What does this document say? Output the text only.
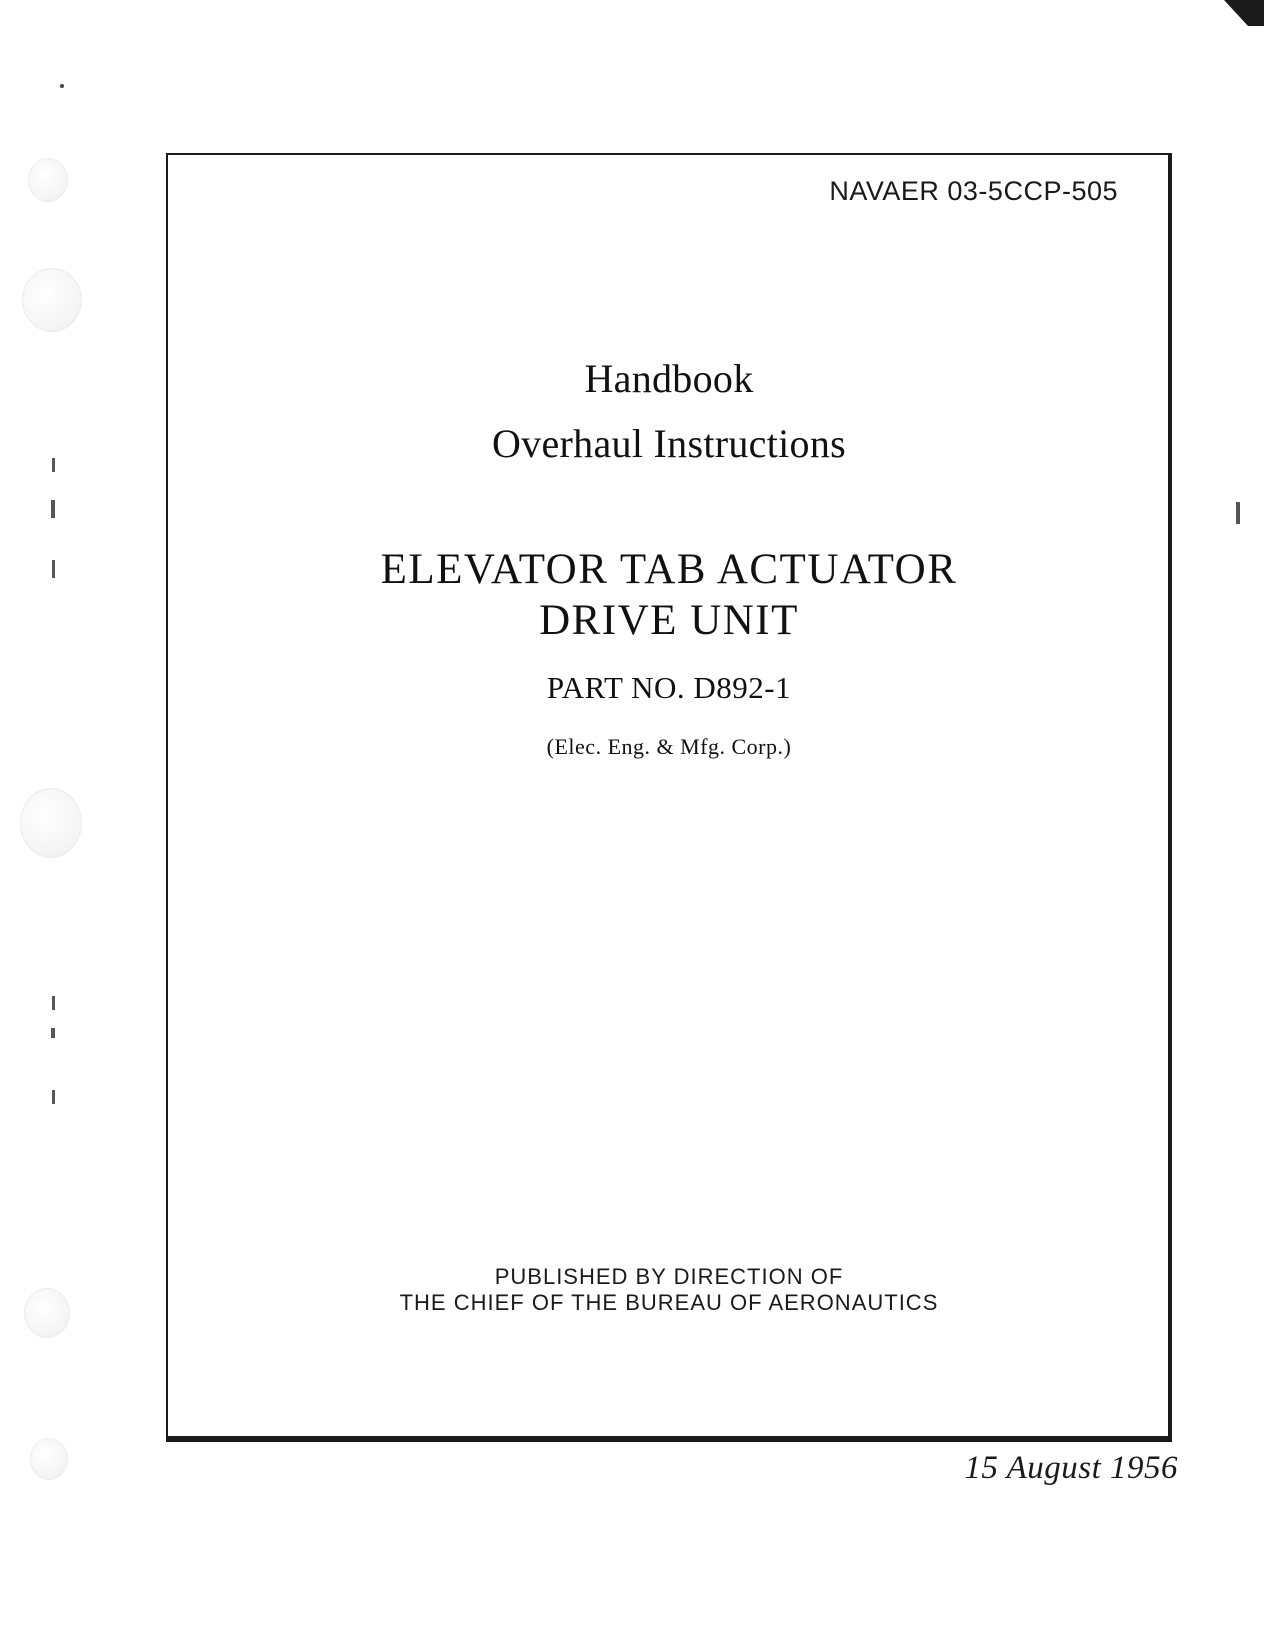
NAVAER 03-5CCP-505
Handbook
Overhaul Instructions
ELEVATOR TAB ACTUATOR
DRIVE UNIT
PART NO. D892-1
(Elec. Eng. & Mfg. Corp.)
PUBLISHED BY DIRECTION OF
THE CHIEF OF THE BUREAU OF AERONAUTICS
15 August 1956
